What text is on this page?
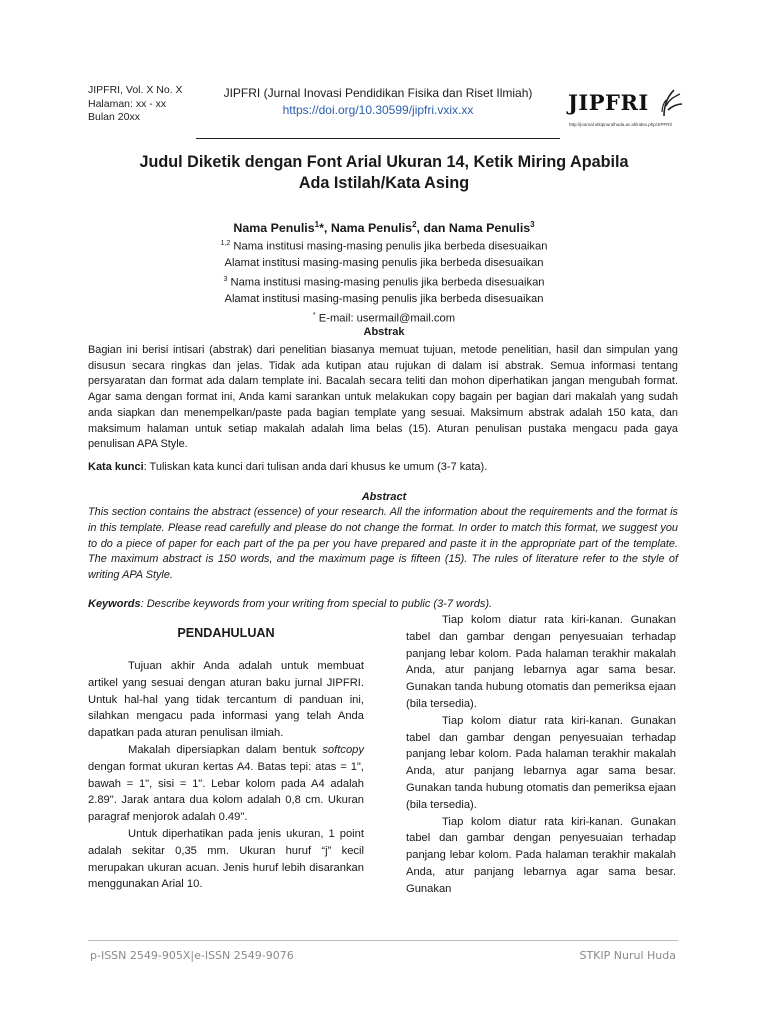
JIPFRI, Vol. X No. X
Halaman: xx - xx
Bulan 20xx
JIPFRI (Jurnal Inovasi Pendidikan Fisika dan Riset Ilmiah)
https://doi.org/10.30599/jipfri.vxix.xx	JIPFRI
http://journal.stkipnurulhuda.ac.id/index.php/JIPFRI/
Judul Diketik dengan Font Arial Ukuran 14, Ketik Miring Apabila
Ada Istilah/Kata Asing
Nama Penulis$^1$*, Nama Penulis$^2$, dan Nama Penulis$^3$
$^{1,2}$ Nama institusi masing-masing penulis jika berbeda disesuaikan
Alamat institusi masing-masing penulis jika berbeda disesuaikan
$^3$ Nama institusi masing-masing penulis jika berbeda disesuaikan
Alamat institusi masing-masing penulis jika berbeda disesuaikan
* E-mail: usermail@mail.com
Abstrak
Bagian ini berisi intisari (abstrak) dari penelitian biasanya memuat tujuan, metode penelitian, hasil dan simpulan yang disusun secara ringkas dan jelas. Tidak ada kutipan atau rujukan di dalam isi abstrak. Semua informasi tentang persyaratan dan format ada dalam template ini. Bacalah secara teliti dan mohon diperhatikan jangan mengubah format. Agar sama dengan format ini, Anda kami sarankan untuk melakukan copy bagain per bagian dari makalah yang sudah anda siapkan dan menempelkan/paste pada bagian template yang sesuai. Maksimum abstrak adalah 150 kata, dan maksimum halaman untuk setiap makalah adalah lima belas (15). Aturan penulisan pustaka mengacu pada gaya penulisan APA Style.
Kata kunci: Tuliskan kata kunci dari tulisan anda dari khusus ke umum (3-7 kata).
Abstract
This section contains the abstract (essence) of your research. All the information about the requirements and the format is in this template. Please read carefully and please do not change the format. In order to match this format, we suggest you to do a piece of paper for each part of the pa per you have prepared and paste it in the appropriate part of the template. The maximum abstract is 150 words, and the maximum page is fifteen (15). The rules of literature refer to the style of writing APA Style.
Keywords: Describe keywords from your writing from special to public (3-7 words).
PENDAHULUAN

Tujuan akhir Anda adalah untuk membuat artikel yang sesuai dengan aturan baku jurnal JIPFRI. Untuk hal-hal yang tidak tercantum di panduan ini, silahkan mengacu pada informasi yang telah Anda dapatkan pada aturan penulisan ilmiah.

Makalah dipersiapkan dalam bentuk softcopy dengan format ukuran kertas A4. Batas tepi: atas = 1", bawah = 1", sisi = 1". Lebar kolom pada A4 adalah 2.89". Jarak antara dua kolom adalah 0,8 cm. Ukuran paragraf menjorok adalah 0.49".

Untuk diperhatikan pada jenis ukuran, 1 point adalah sekitar 0,35 mm. Ukuran huruf “j” kecil merupakan ukuran acuan. Jenis huruf lebih disarankan menggunakan Arial 10.

Tiap kolom diatur rata kiri-kanan. Gunakan tabel dan gambar dengan penyesuaian terhadap panjang lebar kolom. Pada halaman terakhir makalah Anda, atur panjang lebarnya agar sama besar. Gunakan tanda hubung otomatis dan pemeriksa ejaan (bila tersedia).

Tiap kolom diatur rata kiri-kanan. Gunakan tabel dan gambar dengan penyesuaian terhadap panjang lebar kolom. Pada halaman terakhir makalah Anda, atur panjang lebarnya agar sama besar. Gunakan tanda hubung otomatis dan pemeriksa ejaan (bila tersedia).

Tiap kolom diatur rata kiri-kanan. Gunakan tabel dan gambar dengan penyesuaian terhadap panjang lebar kolom. Pada halaman terakhir makalah Anda, atur panjang lebarnya agar sama besar. Gunakan

p-ISSN 2549-905X|e-ISSN 2549-9076	STKIP Nurul Huda
